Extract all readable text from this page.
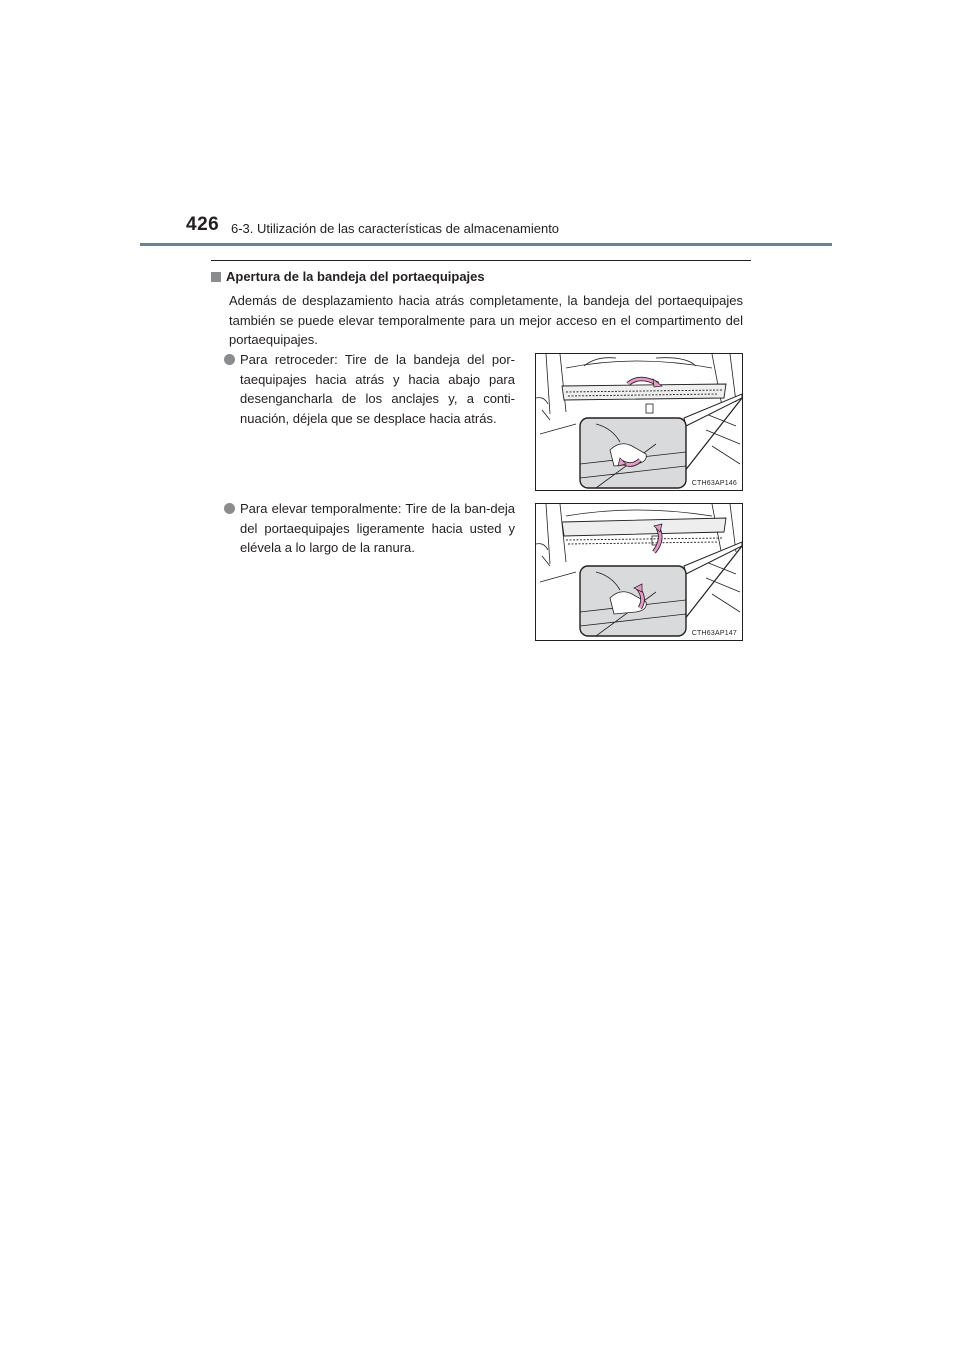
426 6-3. Utilización de las características de almacenamiento
Apertura de la bandeja del portaequipajes

Además de desplazamiento hacia atrás completamente, la bandeja del portaequipajes también se puede elevar temporalmente para un mejor acceso en el compartimento del portaequipajes.

Para retroceder: Tire de la bandeja del por-taequipajes hacia atrás y hacia abajo para desengancharla de los anclajes y, a conti-nuación, déjela que se desplace hacia atrás.

CTH63AP146

Para elevar temporalmente: Tire de la ban-deja del portaequipajes ligeramente hacia usted y elévela a lo largo de la ranura.

CTH63AP147
